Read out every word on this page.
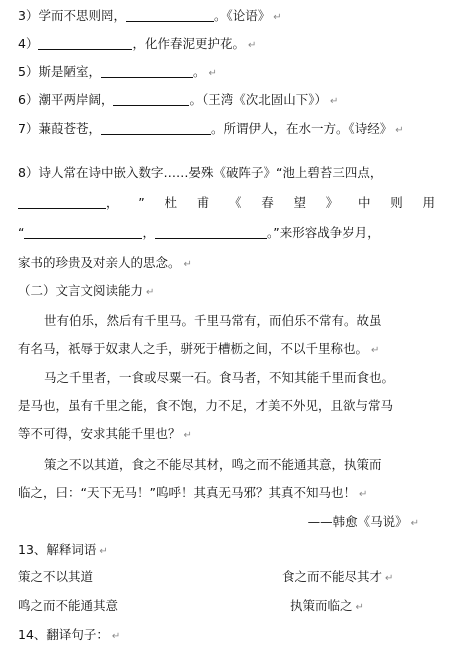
3）学而不思则罔，	。《论语》 ↵
4）	，化作春泥更护花。 ↵
5）斯是陋室，	。 ↵
6）潮平两岸阔，	。（王湾《次北固山下》） ↵
7）蒹葭苍苍，	。所谓伊人，在水一方。《诗经》 ↵
8）诗人常在诗中嵌入数字……晏殊《破阵子》“池上碧苔三四点，
， ” 杜 甫 《 春 望 》 中 则 用
“	，	。”来形容战争岁月，
家书的珍贵及对亲人的思念。 ↵
（二）文言文阅读能力 ↵
世有伯乐，然后有千里马。千里马常有，而伯乐不常有。故虽
有名马，祇辱于奴隶人之手，骈死于槽枥之间，不以千里称也。 ↵
马之千里者，一食或尽粟一石。食马者，不知其能千里而食也。
是马也，虽有千里之能，食不饱，力不足，才美不外见，且欲与常马
等不可得，安求其能千里也？ ↵
策之不以其道，食之不能尽其材，鸣之而不能通其意，执策而
临之，曰：“天下无马！”呜呼！其真无马邪？其真不知马也！ ↵
——韩愈《马说》 ↵
13、解释词语 ↵
策之不以其道	食之而不能尽其才 ↵
鸣之而不能通其意	执策而临之 ↵
14、翻译句子： ↵
